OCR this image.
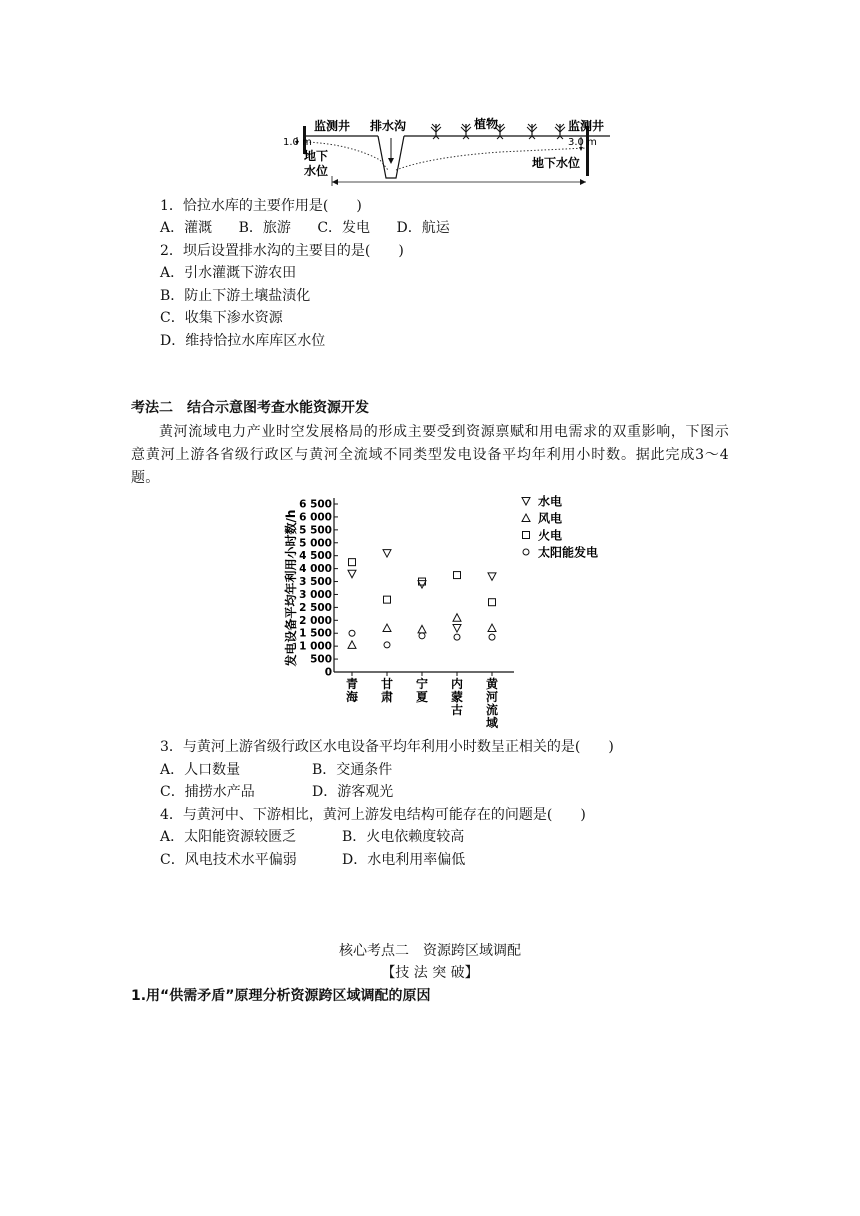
监测井 排水沟	植物	监测井
1.0 m	3.0 m
地下
水位
地下水位
1．恰拉水库的主要作用是(　　)
A．灌溉 B．旅游 C．发电 D．航运
2．坝后设置排水沟的主要目的是(　　)
A．引水灌溉下游农田
B．防止下游土壤盐渍化
C．收集下渗水资源
D．维持恰拉水库库区水位
考法二　结合示意图考查水能资源开发
黄河流域电力产业时空发展格局的形成主要受到资源禀赋和用电需求的双重影响，下图示意黄河上游各省级行政区与黄河全流域不同类型发电设备平均年利用小时数。据此完成3～4题。
发电设备平均年利用小时数/h
6 500
6 000
5 500
5 000
4 500
4 000
3 500
3 000
2 500
2 000
1 500
1 000
500
0
青海
甘肃
宁夏
内蒙古
黄河流域
水电
风电
火电
太阳能发电
3．与黄河上游省级行政区水电设备平均年利用小时数呈正相关的是(　　)
A．人口数量	B．交通条件
C．捕捞水产品	D．游客观光
4．与黄河中、下游相比，黄河上游发电结构可能存在的问题是(　　)
A．太阳能资源较匮乏	B．火电依赖度较高
C．风电技术水平偏弱	D．水电利用率偏低
核心考点二　资源跨区域调配
【技 法 突 破】
1.用“供需矛盾”原理分析资源跨区域调配的原因
